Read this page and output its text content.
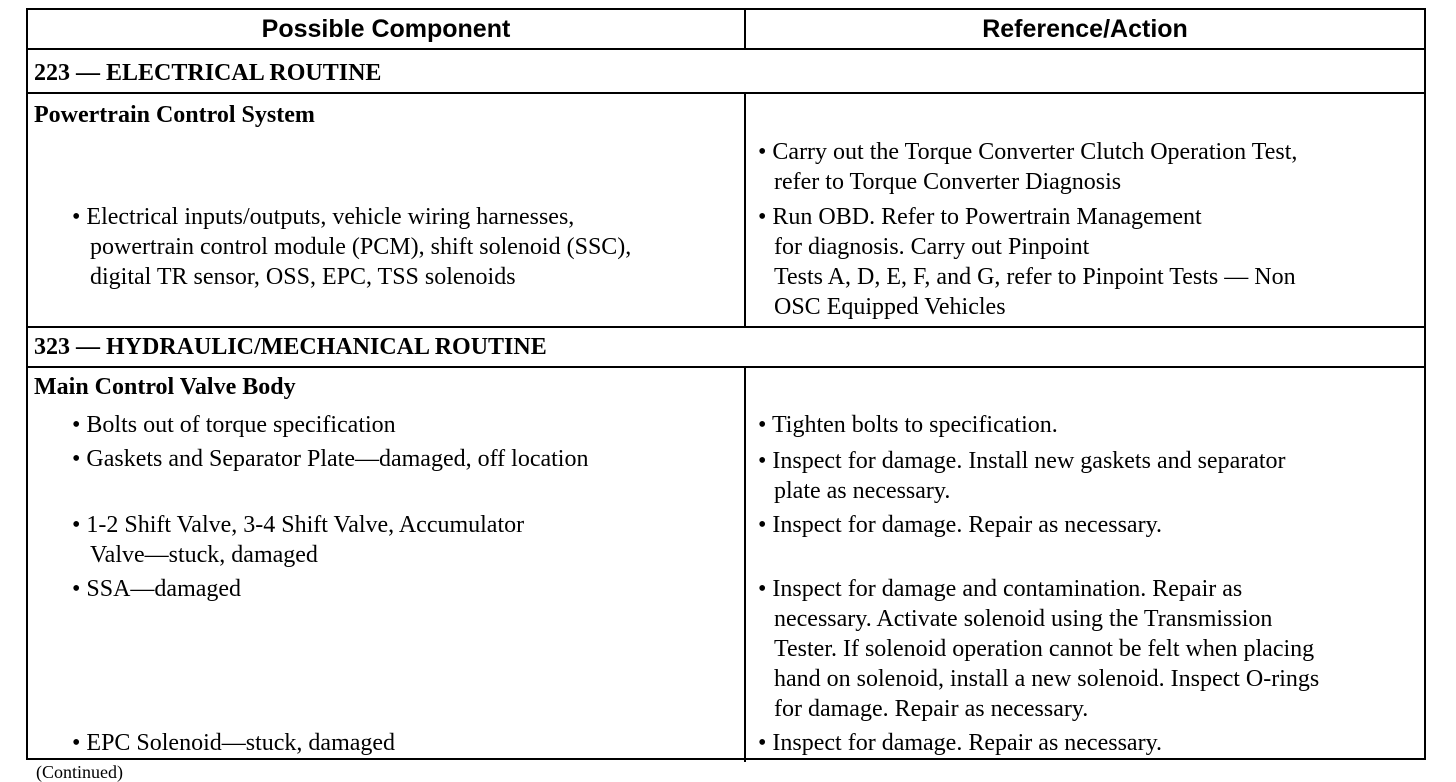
Possible Component	Reference/Action
223 — ELECTRICAL ROUTINE
Powertrain Control System
• Electrical inputs/outputs, vehicle wiring harnesses,
powertrain control module (PCM), shift solenoid (SSC),
digital TR sensor, OSS, EPC, TSS solenoids
• Carry out the Torque Converter Clutch Operation Test,
refer to Torque Converter Diagnosis
• Run OBD. Refer to Powertrain Management
for diagnosis. Carry out Pinpoint
Tests A, D, E, F, and G, refer to Pinpoint Tests — Non
OSC Equipped Vehicles
323 — HYDRAULIC/MECHANICAL ROUTINE
Main Control Valve Body
• Bolts out of torque specification
• Gaskets and Separator Plate—damaged, off location
• 1-2 Shift Valve, 3-4 Shift Valve, Accumulator
Valve—stuck, damaged
• SSA—damaged
• EPC Solenoid—stuck, damaged
• Tighten bolts to specification.
• Inspect for damage. Install new gaskets and separator
plate as necessary.
• Inspect for damage. Repair as necessary.
• Inspect for damage and contamination. Repair as
necessary. Activate solenoid using the Transmission
Tester. If solenoid operation cannot be felt when placing
hand on solenoid, install a new solenoid. Inspect O-rings
for damage. Repair as necessary.
• Inspect for damage. Repair as necessary.
(Continued)
